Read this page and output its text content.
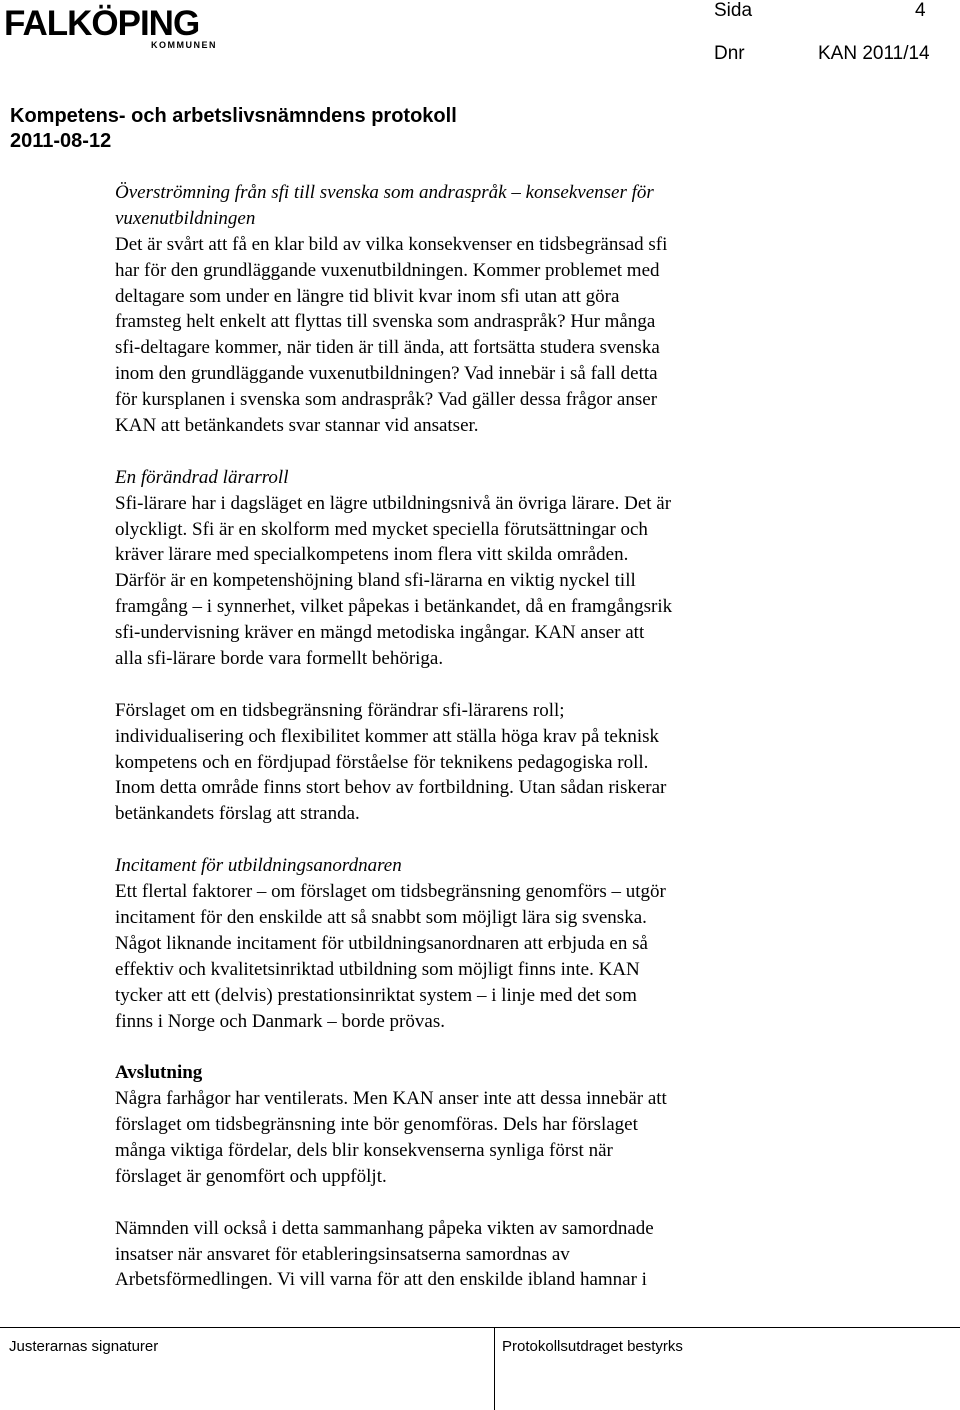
FALKÖPING
KOMMUNEN
Sida	4
Dnr	KAN 2011/14
Kompetens- och arbetslivsnämndens protokoll
2011-08-12
Överströmning från sfi till svenska som andraspråk – konsekvenser för
vuxenutbildningen
Det är svårt att få en klar bild av vilka konsekvenser en tidsbegränsad sfi
har för den grundläggande vuxenutbildningen. Kommer problemet med
deltagare som under en längre tid blivit kvar inom sfi utan att göra
framsteg helt enkelt att flyttas till svenska som andraspråk? Hur många
sfi-deltagare kommer, när tiden är till ända, att fortsätta studera svenska
inom den grundläggande vuxenutbildningen? Vad innebär i så fall detta
för kursplanen i svenska som andraspråk? Vad gäller dessa frågor anser
KAN att betänkandets svar stannar vid ansatser.
En förändrad lärarroll
Sfi-lärare har i dagsläget en lägre utbildningsnivå än övriga lärare. Det är
olyckligt. Sfi är en skolform med mycket speciella förutsättningar och
kräver lärare med specialkompetens inom flera vitt skilda områden.
Därför är en kompetenshöjning bland sfi-lärarna en viktig nyckel till
framgång – i synnerhet, vilket påpekas i betänkandet, då en framgångsrik
sfi-undervisning kräver en mängd metodiska ingångar. KAN anser att
alla sfi-lärare borde vara formellt behöriga.
Förslaget om en tidsbegränsning förändrar sfi-lärarens roll;
individualisering och flexibilitet kommer att ställa höga krav på teknisk
kompetens och en fördjupad förståelse för teknikens pedagogiska roll.
Inom detta område finns stort behov av fortbildning. Utan sådan riskerar
betänkandets förslag att stranda.
Incitament för utbildningsanordnaren
Ett flertal faktorer – om förslaget om tidsbegränsning genomförs – utgör
incitament för den enskilde att så snabbt som möjligt lära sig svenska.
Något liknande incitament för utbildningsanordnaren att erbjuda en så
effektiv och kvalitetsinriktad utbildning som möjligt finns inte. KAN
tycker att ett (delvis) prestationsinriktat system – i linje med det som
finns i Norge och Danmark – borde prövas.
Avslutning
Några farhågor har ventilerats. Men KAN anser inte att dessa innebär att
förslaget om tidsbegränsning inte bör genomföras. Dels har förslaget
många viktiga fördelar, dels blir konsekvenserna synliga först när
förslaget är genomfört och uppföljt.
Nämnden vill också i detta sammanhang påpeka vikten av samordnade
insatser när ansvaret för etableringsinsatserna samordnas av
Arbetsförmedlingen. Vi vill varna för att den enskilde ibland hamnar i
Justerarnas signaturer	Protokollsutdraget bestyrks
